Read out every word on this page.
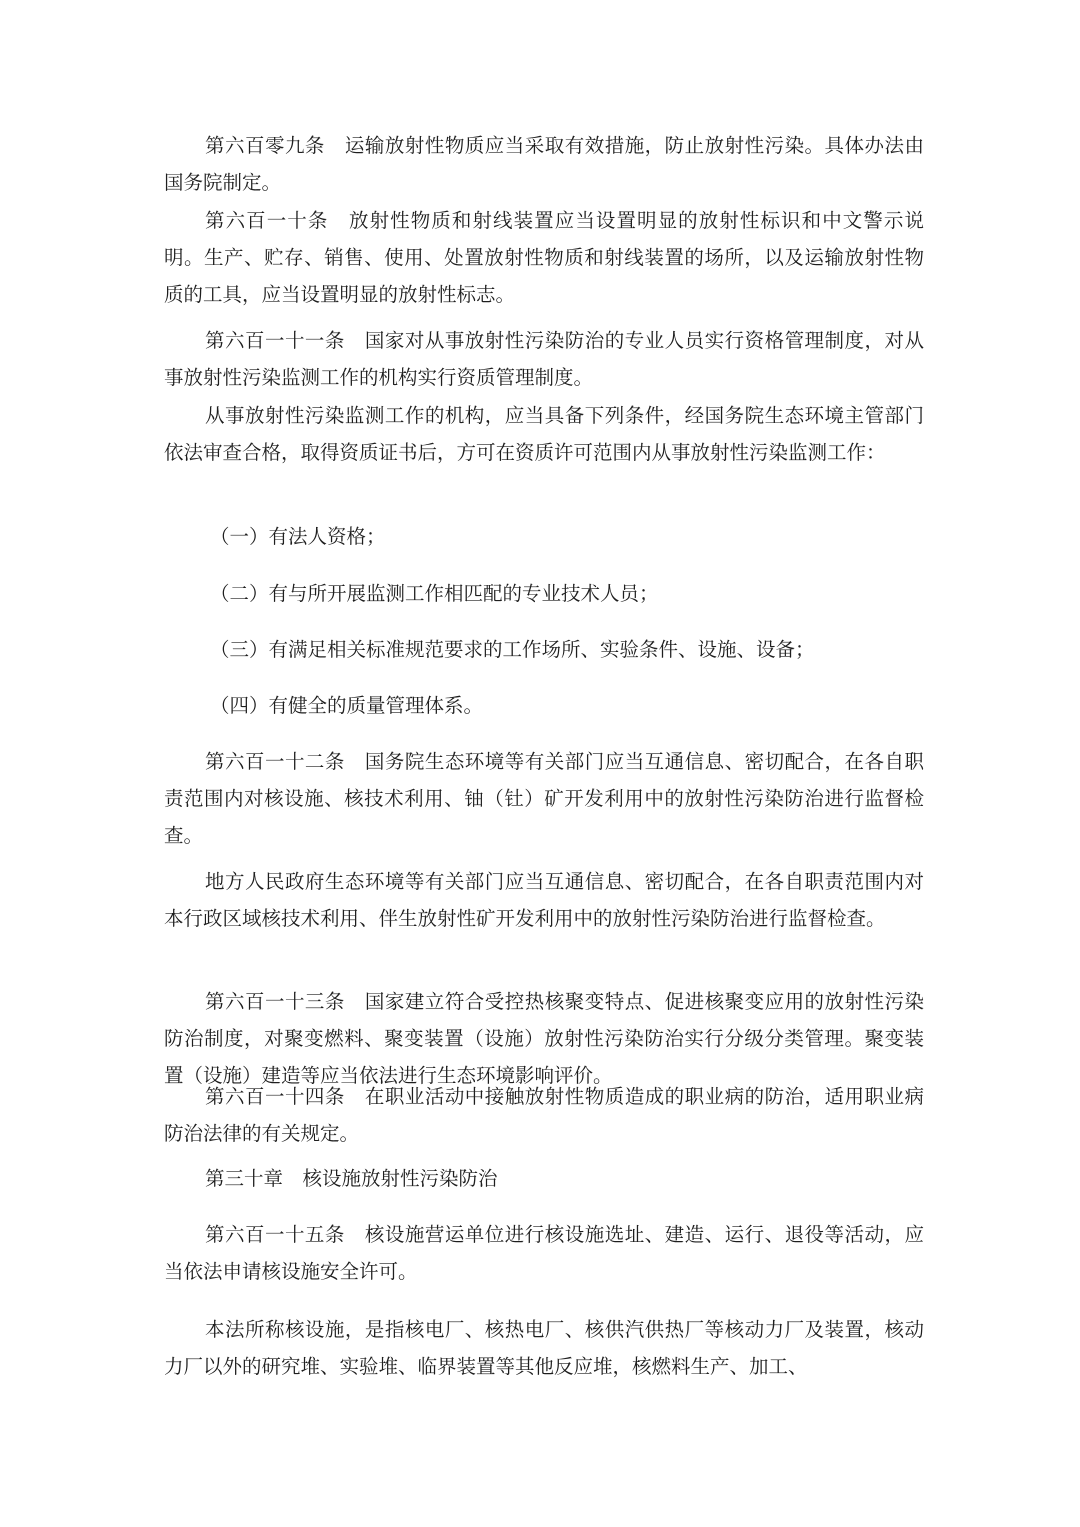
第六百零九条　运输放射性物质应当采取有效措施，防止放射性污染。具体办法由国务院制定。
第六百一十条　放射性物质和射线装置应当设置明显的放射性标识和中文警示说明。生产、贮存、销售、使用、处置放射性物质和射线装置的场所，以及运输放射性物质的工具，应当设置明显的放射性标志。
第六百一十一条　国家对从事放射性污染防治的专业人员实行资格管理制度，对从事放射性污染监测工作的机构实行资质管理制度。
从事放射性污染监测工作的机构，应当具备下列条件，经国务院生态环境主管部门依法审查合格，取得资质证书后，方可在资质许可范围内从事放射性污染监测工作：
（一）有法人资格；
（二）有与所开展监测工作相匹配的专业技术人员；
（三）有满足相关标准规范要求的工作场所、实验条件、设施、设备；
（四）有健全的质量管理体系。
第六百一十二条　国务院生态环境等有关部门应当互通信息、密切配合，在各自职责范围内对核设施、核技术利用、铀（钍）矿开发利用中的放射性污染防治进行监督检查。
地方人民政府生态环境等有关部门应当互通信息、密切配合，在各自职责范围内对本行政区域核技术利用、伴生放射性矿开发利用中的放射性污染防治进行监督检查。
第六百一十三条　国家建立符合受控热核聚变特点、促进核聚变应用的放射性污染防治制度，对聚变燃料、聚变装置（设施）放射性污染防治实行分级分类管理。聚变装置（设施）建造等应当依法进行生态环境影响评价。
第六百一十四条　在职业活动中接触放射性物质造成的职业病的防治，适用职业病防治法律的有关规定。
第三十章　核设施放射性污染防治
第六百一十五条　核设施营运单位进行核设施选址、建造、运行、退役等活动，应当依法申请核设施安全许可。
本法所称核设施，是指核电厂、核热电厂、核供汽供热厂等核动力厂及装置，核动力厂以外的研究堆、实验堆、临界装置等其他反应堆，核燃料生产、加工、
